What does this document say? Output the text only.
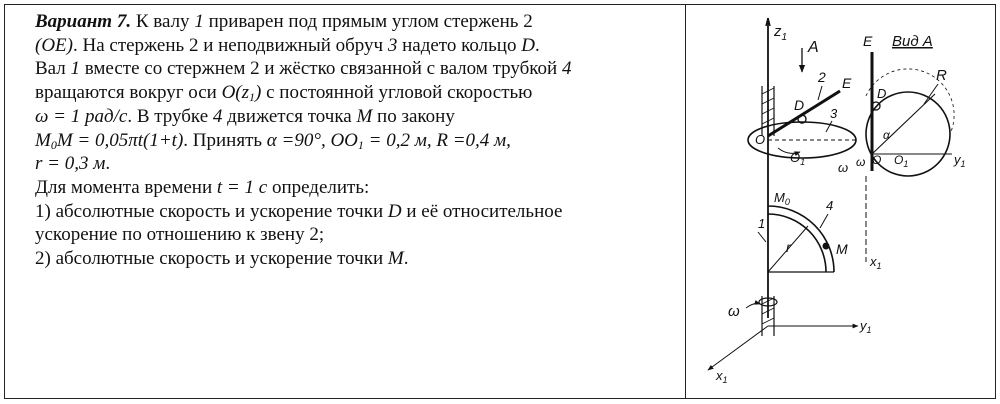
Вариант 7. К валу 1 приварен под прямым углом стержень 2

(OE). На стержень 2 и неподвижный обруч 3 надето кольцо D.

Вал 1 вместе со стержнем 2 и жёстко связанной с валом трубкой 4

вращаются вокруг оси $O(z_1)$ с постоянной угловой скоростью

ω = 1 рад/с. В трубке 4 движется точка M по закону

$M_0M = 0,05\pi t(1+t)$. Принять α =90°, $OO_1 = 0,2$ м, R =0,4 м,

r = 0,3 м.

Для момента времени t = 1 с определить:

1) абсолютные скорость и ускорение точки D и её относительное

ускорение по отношению к звену 2;

2) абсолютные скорость и ускорение точки M.

$z_1$
A
2 E
D
3
O
$O_1$	ω
E Вид А
$y_1$
R
D
α
O $O_1$
ω
r
$M_0$	4
M
1
$x_1$
ω
$y_1$
$x_1$
